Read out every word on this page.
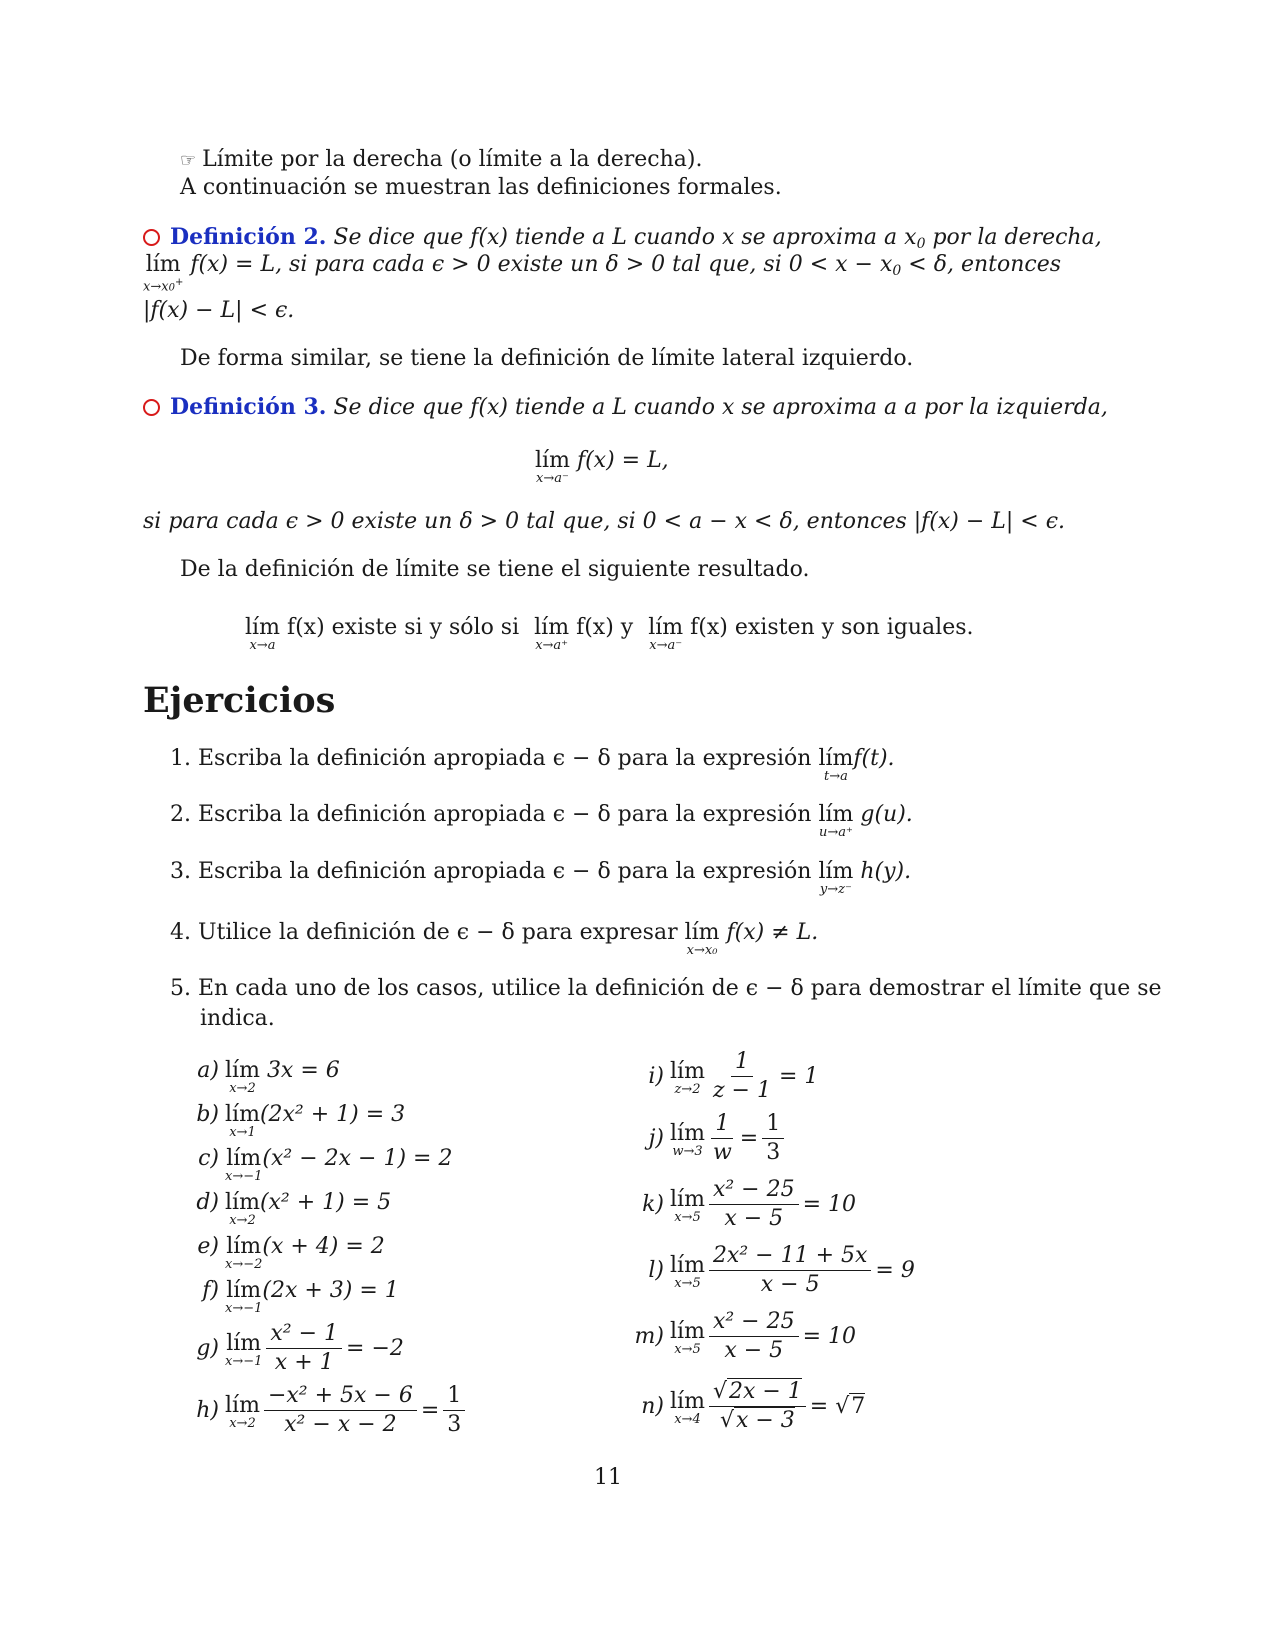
☞ Límite por la derecha (o límite a la derecha).
A continuación se muestran las definiciones formales.
Definición 2. Se dice que f(x) tiende a L cuando x se aproxima a $x_0$ por la derecha,
lím
x→x0+
f(x) = L, si para cada ϵ > 0 existe un δ > 0 tal que, si $0 < x - x_0 < \delta$, entonces
|f(x) − L| < ϵ.
De forma similar, se tiene la definición de límite lateral izquierdo.
Definición 3. Se dice que f(x) tiende a L cuando x se aproxima a a por la izquierda,
lím
x→a⁻
f(x) = L,
si para cada ϵ > 0 existe un δ > 0 tal que, si 0 < a − x < δ, entonces |f(x) − L| < ϵ.
De la definición de límite se tiene el siguiente resultado.
lím
x→a
f(x) existe si y sólo si lím
x→a⁺
f(x) y lím
x→a⁻
f(x) existen y son iguales.
Ejercicios
1. Escriba la definición apropiada ϵ − δ para la expresión lím
t→a
f(t).
2. Escriba la definición apropiada ϵ − δ para la expresión lím
u→a⁺
g(u).
3. Escriba la definición apropiada ϵ − δ para la expresión lím
y→z⁻
h(y).
4. Utilice la definición de ϵ − δ para expresar lím
x→x₀
f(x) ≠ L.
5. En cada uno de los casos, utilice la definición de ϵ − δ para demostrar el límite que se
indica.
a) lím
x→2
3x = 6
b) lím
x→1
(2x² + 1) = 3
c) lím
x→−1
(x² − 2x − 1) = 2
d) lím
x→2
(x² + 1) = 5
e) lím
x→−2
(x + 4) = 2
f) lím
x→−1
(2x + 3) = 1
g) lím
$x\to-1 \frac{\text{x² − 1}}{x + 1} = -2$
h) lím
$x\to 2 \frac{\text{−x² + 5x − 6}}{\text{x² − x − 2}} = \frac{1}{3}$
i) lím
$z\to 2 \frac{1}{z - 1} = 1$
j) lím
$w\to 3 \frac{1}{w} = \frac{1}{3}$
k) lím
$x\to 5 \frac{\text{x² − 25}}{x - 5} = 10$
l) lím
$x\to 5 \frac{\text{2x² − 11 + 5x}}{x - 5} = 9$
m) lím
$x\to 5 \frac{\text{x² − 25}}{x - 5} = 10$
n) lím
$x\to 4 \frac{√2x - 1}{√x - 3} = √7$
11
